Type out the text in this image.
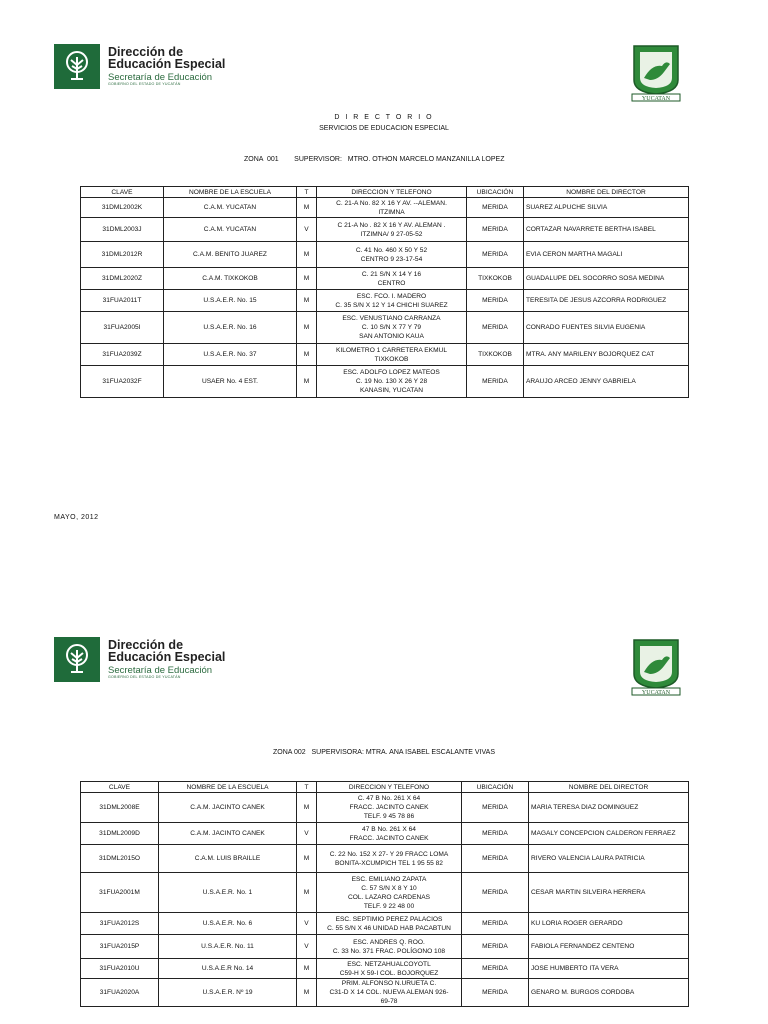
Dirección de
Educación Especial
Secretaría de Educación
GOBIERNO DEL ESTADO DE YUCATÁN
YUCATAN
D I R E C T O R I O
SERVICIOS DE EDUCACION ESPECIAL
ZONA  001        SUPERVISOR:   MTRO. OTHON MARCELO MANZANILLA LOPEZ
CLAVE	NOMBRE DE LA ESCUELA	T	DIRECCION Y TELEFONO	UBICACIÓN	NOMBRE DEL DIRECTOR
31DML2002K	C.A.M. YUCATAN	M	C. 21-A No. 82 X 16 Y AV. --ALEMAN.
ITZIMNA	MERIDA	SUAREZ ALPUCHE SILVIA
31DML2003J	C.A.M. YUCATAN	V	C 21-A No . 82 X 16 Y AV. ALEMAN .
ITZIMNA/ 9 27-05-52	MERIDA	CORTAZAR NAVARRETE BERTHA ISABEL
31DML2012R	C.A.M. BENITO JUAREZ	M	C. 41 No. 460 X 50 Y 52
CENTRO 9 23-17-54	MERIDA	EVIA CERON MARTHA MAGALI
31DML2020Z	C.A.M. TIXKOKOB	M	C. 21 S/N X 14 Y 16
CENTRO	TIXKOKOB	GUADALUPE DEL SOCORRO SOSA MEDINA
31FUA2011T	U.S.A.E.R. No. 15	M	ESC. FCO. I. MADERO
C. 35 S/N X 12 Y 14 CHICHI SUAREZ	MERIDA	TERESITA DE JESUS AZCORRA RODRIGUEZ
31FUA2005I	U.S.A.E.R. No. 16	M	ESC. VENUSTIANO CARRANZA
C. 10 S/N X 77 Y 79
SAN ANTONIO KAUA	MERIDA	CONRADO FUENTES SILVIA EUGENIA
31FUA2039Z	U.S.A.E.R. No. 37	M	KILOMETRO 1 CARRETERA EKMUL
TIXKOKOB	TIXKOKOB	MTRA. ANY MARILENY BOJORQUEZ CAT
31FUA2032F	USAER No. 4 EST.	M	ESC. ADOLFO LOPEZ MATEOS
C. 19 No. 130 X 26 Y 28
KANASIN, YUCATAN	MERIDA	ARAUJO ARCEO JENNY GABRIELA
MAYO, 2012
Dirección de
Educación Especial
Secretaría de Educación
GOBIERNO DEL ESTADO DE YUCATÁN
YUCATAN
ZONA 002   SUPERVISORA: MTRA. ANA ISABEL ESCALANTE VIVAS
CLAVE	NOMBRE DE LA ESCUELA	T	DIRECCION Y TELEFONO	UBICACIÓN	NOMBRE DEL DIRECTOR
31DML2008E	C.A.M. JACINTO CANEK	M	C. 47 B No. 261 X 64
FRACC. JACINTO CANEK
TELF. 9 45 78 86	MERIDA	MARIA TERESA DIAZ DOMINGUEZ
31DML2009D	C.A.M. JACINTO CANEK	V	47 B No. 261 X 64
FRACC. JACINTO CANEK	MERIDA	MAGALY CONCEPCION CALDERON FERRAEZ
31DML2015O	C.A.M. LUIS BRAILLE	M	C. 22 No. 152 X 27- Y 29 FRACC LOMA
BONITA-XCUMPICH TEL 1 95 55 82	MERIDA	RIVERO VALENCIA LAURA PATRICIA
31FUA2001M	U.S.A.E.R. No. 1	M	ESC. EMILIANO ZAPATA
C. 57 S/N X 8 Y 10
COL. LAZARO CARDENAS
TELF. 9 22 48 00	MERIDA	CESAR MARTIN SILVEIRA HERRERA
31FUA2012S	U.S.A.E.R. No. 6	V	ESC. SEPTIMIO PEREZ PALACIOS
C. 55 S/N X 46 UNIDAD HAB PACABTUN	MERIDA	KU LORIA ROGER GERARDO
31FUA2015P	U.S.A.E.R. No. 11	V	ESC. ANDRES Q. ROO.
C. 33 No. 371 FRAC. POLÍGONO 108	MERIDA	FABIOLA FERNANDEZ CENTENO
31FUA2010U	U.S.A.E.R No. 14	M	ESC. NETZAHUALCOYOTL
C59-H X 59-I COL. BOJORQUEZ	MERIDA	JOSE HUMBERTO ITA VERA
31FUA2020A	U.S.A.E.R. Nº 19	M	PRIM. ALFONSO N.URUETA C.
C31-D X 14 COL. NUEVA ALEMAN 926-
69-78	MERIDA	GENARO M. BURGOS CORDOBA
